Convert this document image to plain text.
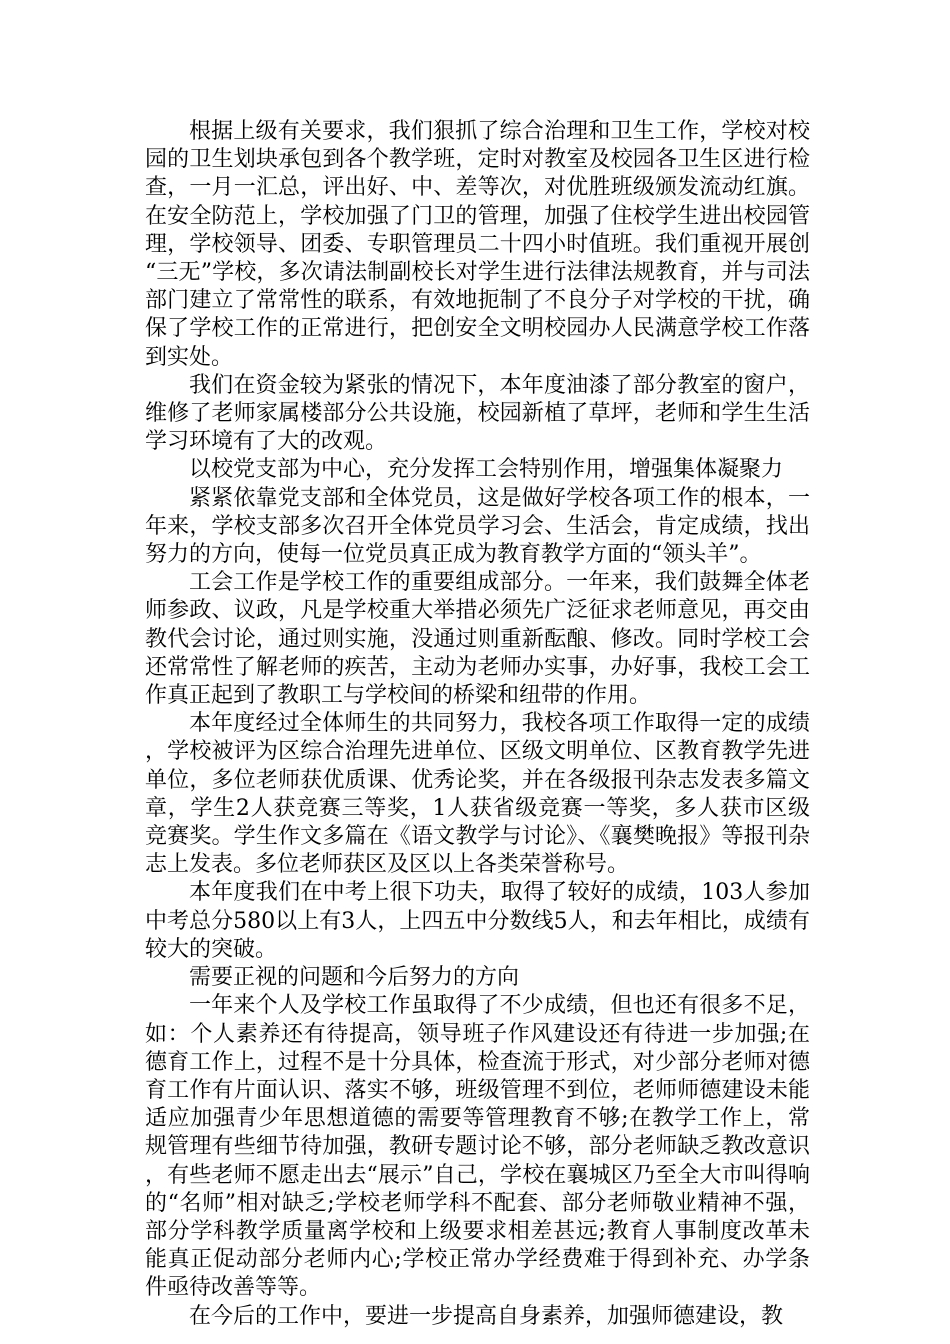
根据上级有关要求，我们狠抓了综合治理和卫生工作，学校对校园的卫生划块承包到各个教学班，定时对教室及校园各卫生区进行检查，一月一汇总，评出好、中、差等次，对优胜班级颁发流动红旗。在安全防范上，学校加强了门卫的管理，加强了住校学生进出校园管理，学校领导、团委、专职管理员二十四小时值班。我们重视开展创“三无”学校，多次请法制副校长对学生进行法律法规教育，并与司法部门建立了常常性的联系，有效地扼制了不良分子对学校的干扰，确保了学校工作的正常进行，把创安全文明校园办人民满意学校工作落到实处。

我们在资金较为紧张的情况下，本年度油漆了部分教室的窗户，维修了老师家属楼部分公共设施，校园新植了草坪，老师和学生生活学习环境有了大的改观。

以校党支部为中心，充分发挥工会特别作用，增强集体凝聚力

紧紧依靠党支部和全体党员，这是做好学校各项工作的根本，一年来，学校支部多次召开全体党员学习会、生活会，肯定成绩，找出努力的方向，使每一位党员真正成为教育教学方面的“领头羊”。

工会工作是学校工作的重要组成部分。一年来，我们鼓舞全体老师参政、议政，凡是学校重大举措必须先广泛征求老师意见，再交由教代会讨论，通过则实施，没通过则重新酝酿、修改。同时学校工会还常常性了解老师的疾苦，主动为老师办实事，办好事，我校工会工作真正起到了教职工与学校间的桥梁和纽带的作用。

本年度经过全体师生的共同努力，我校各项工作取得一定的成绩，学校被评为区综合治理先进单位、区级文明单位、区教育教学先进单位，多位老师获优质课、优秀论奖，并在各级报刊杂志发表多篇文章，学生2人获竞赛三等奖，1人获省级竞赛一等奖，多人获市区级竞赛奖。学生作文多篇在《语文教学与讨论》、《襄樊晚报》等报刊杂志上发表。多位老师获区及区以上各类荣誉称号。

本年度我们在中考上很下功夫，取得了较好的成绩，103人参加中考总分580以上有3人，上四五中分数线5人，和去年相比，成绩有较大的突破。

需要正视的问题和今后努力的方向

一年来个人及学校工作虽取得了不少成绩，但也还有很多不足，如：个人素养还有待提高，领导班子作风建设还有待进一步加强;在德育工作上，过程不是十分具体，检查流于形式，对少部分老师对德育工作有片面认识、落实不够，班级管理不到位，老师师德建设未能适应加强青少年思想道德的需要等管理教育不够;在教学工作上，常规管理有些细节待加强，教研专题讨论不够，部分老师缺乏教改意识，有些老师不愿走出去“展示”自己，学校在襄城区乃至全大市叫得响的“名师”相对缺乏;学校老师学科不配套、部分老师敬业精神不强，部分学科教学质量离学校和上级要求相差甚远;教育人事制度改革未能真正促动部分老师内心;学校正常办学经费难于得到补充、办学条件亟待改善等等。

在今后的工作中，要进一步提高自身素养，加强师德建设，教
